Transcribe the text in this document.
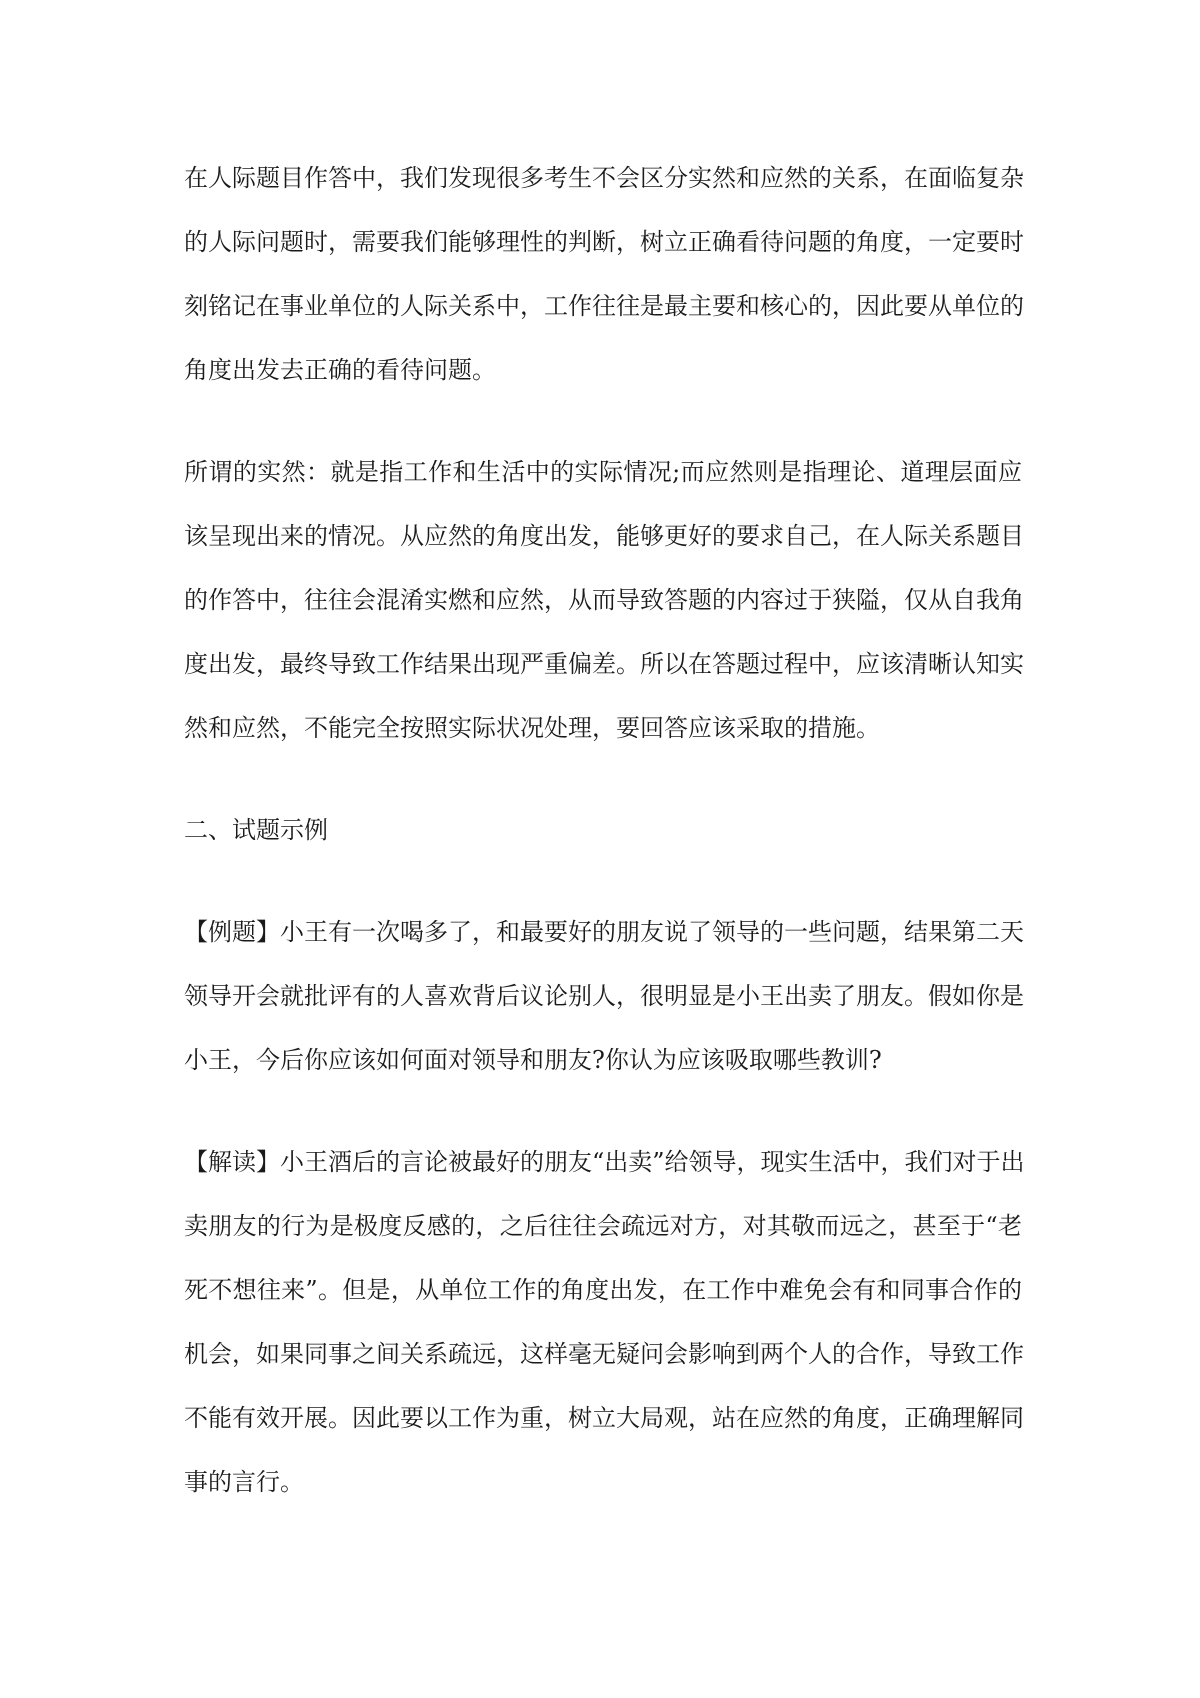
在人际题目作答中，我们发现很多考生不会区分实然和应然的关系，在面临复杂
的人际问题时，需要我们能够理性的判断，树立正确看待问题的角度，一定要时
刻铭记在事业单位的人际关系中，工作往往是最主要和核心的，因此要从单位的
角度出发去正确的看待问题。
所谓的实然：就是指工作和生活中的实际情况;而应然则是指理论、道理层面应
该呈现出来的情况。从应然的角度出发，能够更好的要求自己，在人际关系题目
的作答中，往往会混淆实燃和应然，从而导致答题的内容过于狭隘，仅从自我角
度出发，最终导致工作结果出现严重偏差。所以在答题过程中，应该清晰认知实
然和应然，不能完全按照实际状况处理，要回答应该采取的措施。
二、试题示例
【例题】小王有一次喝多了，和最要好的朋友说了领导的一些问题，结果第二天
领导开会就批评有的人喜欢背后议论别人，很明显是小王出卖了朋友。假如你是
小王，今后你应该如何面对领导和朋友?你认为应该吸取哪些教训?
【解读】小王酒后的言论被最好的朋友“出卖”给领导，现实生活中，我们对于出
卖朋友的行为是极度反感的，之后往往会疏远对方，对其敬而远之，甚至于“老
死不想往来”。但是，从单位工作的角度出发，在工作中难免会有和同事合作的
机会，如果同事之间关系疏远，这样毫无疑问会影响到两个人的合作，导致工作
不能有效开展。因此要以工作为重，树立大局观，站在应然的角度，正确理解同
事的言行。
